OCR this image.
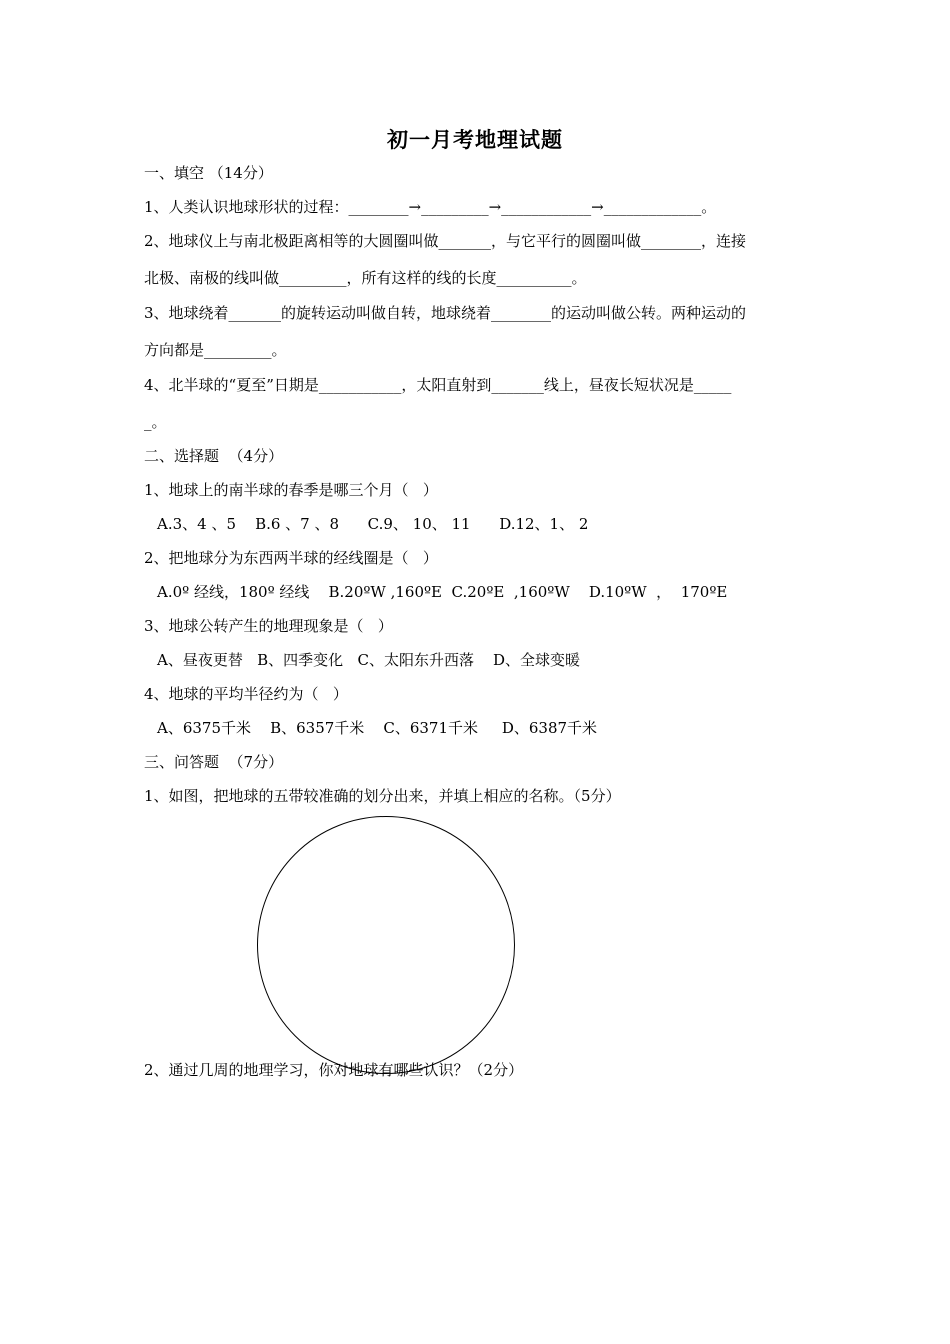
初一月考地理试题
一、填空 （14分）
1、人类认识地球形状的过程：________→_________→____________→_____________。
2、地球仪上与南北极距离相等的大圆圈叫做_______，与它平行的圆圈叫做________，连接
北极、南极的线叫做_________，所有这样的线的长度__________。
3、地球绕着_______的旋转运动叫做自转，地球绕着________的运动叫做公转。两种运动的
方向都是_________。
4、北半球的“夏至”日期是___________，太阳直射到_______线上，昼夜长短状况是_____
_。
二、选择题  （4分）
1、地球上的南半球的春季是哪三个月（   ）
A.3、4 、5    B.6 、7 、8      C.9、 10、 11      D.12、1、 2
2、把地球分为东西两半球的经线圈是（   ）
A.0º 经线，180º 经线    B.20ºW ,160ºE  C.20ºE  ,160ºW    D.10ºW  ，  170ºE
3、地球公转产生的地理现象是（   ）
A、昼夜更替   B、四季变化   C、太阳东升西落    D、全球变暖
4、地球的平均半径约为（   ）
A、6375千米    B、6357千米    C、6371千米     D、6387千米
三、问答题  （7分）
1、如图，把地球的五带较准确的划分出来，并填上相应的名称。（5分）
2、通过几周的地理学习，你对地球有哪些认识？（2分）
